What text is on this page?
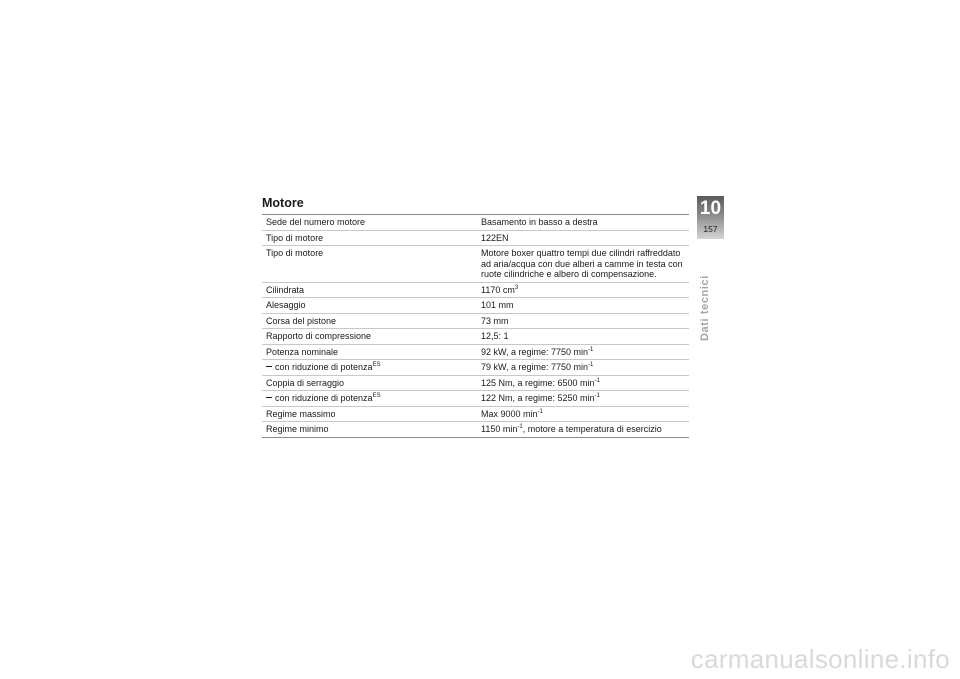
Motore
Sede del numero motore	Basamento in basso a destra
Tipo di motore	122EN
Tipo di motore	Motore boxer quattro tempi due cilindri raffreddato ad aria/acqua con due alberi a camme in testa con ruote cilindriche e albero di compensazione.
Cilindrata	1170 $cm^3$
Alesaggio	101 mm
Corsa del pistone	73 mm
Rapporto di compressione	12,5: 1
Potenza nominale	92 kW, a regime: 7750 $\min^{-1}$
con riduzione di potenza$^{ES}$	79 kW, a regime: 7750 $\min^{-1}$
Coppia di serraggio	125 Nm, a regime: 6500 $\min^{-1}$
con riduzione di potenza$^{ES}$	122 Nm, a regime: 5250 $\min^{-1}$
Regime massimo	Max 9000 $\min^{-1}$
Regime minimo	1150 $\min^{-1}$, motore a temperatura di esercizio
10
157
Dati tecnici
carmanualsonline.info
